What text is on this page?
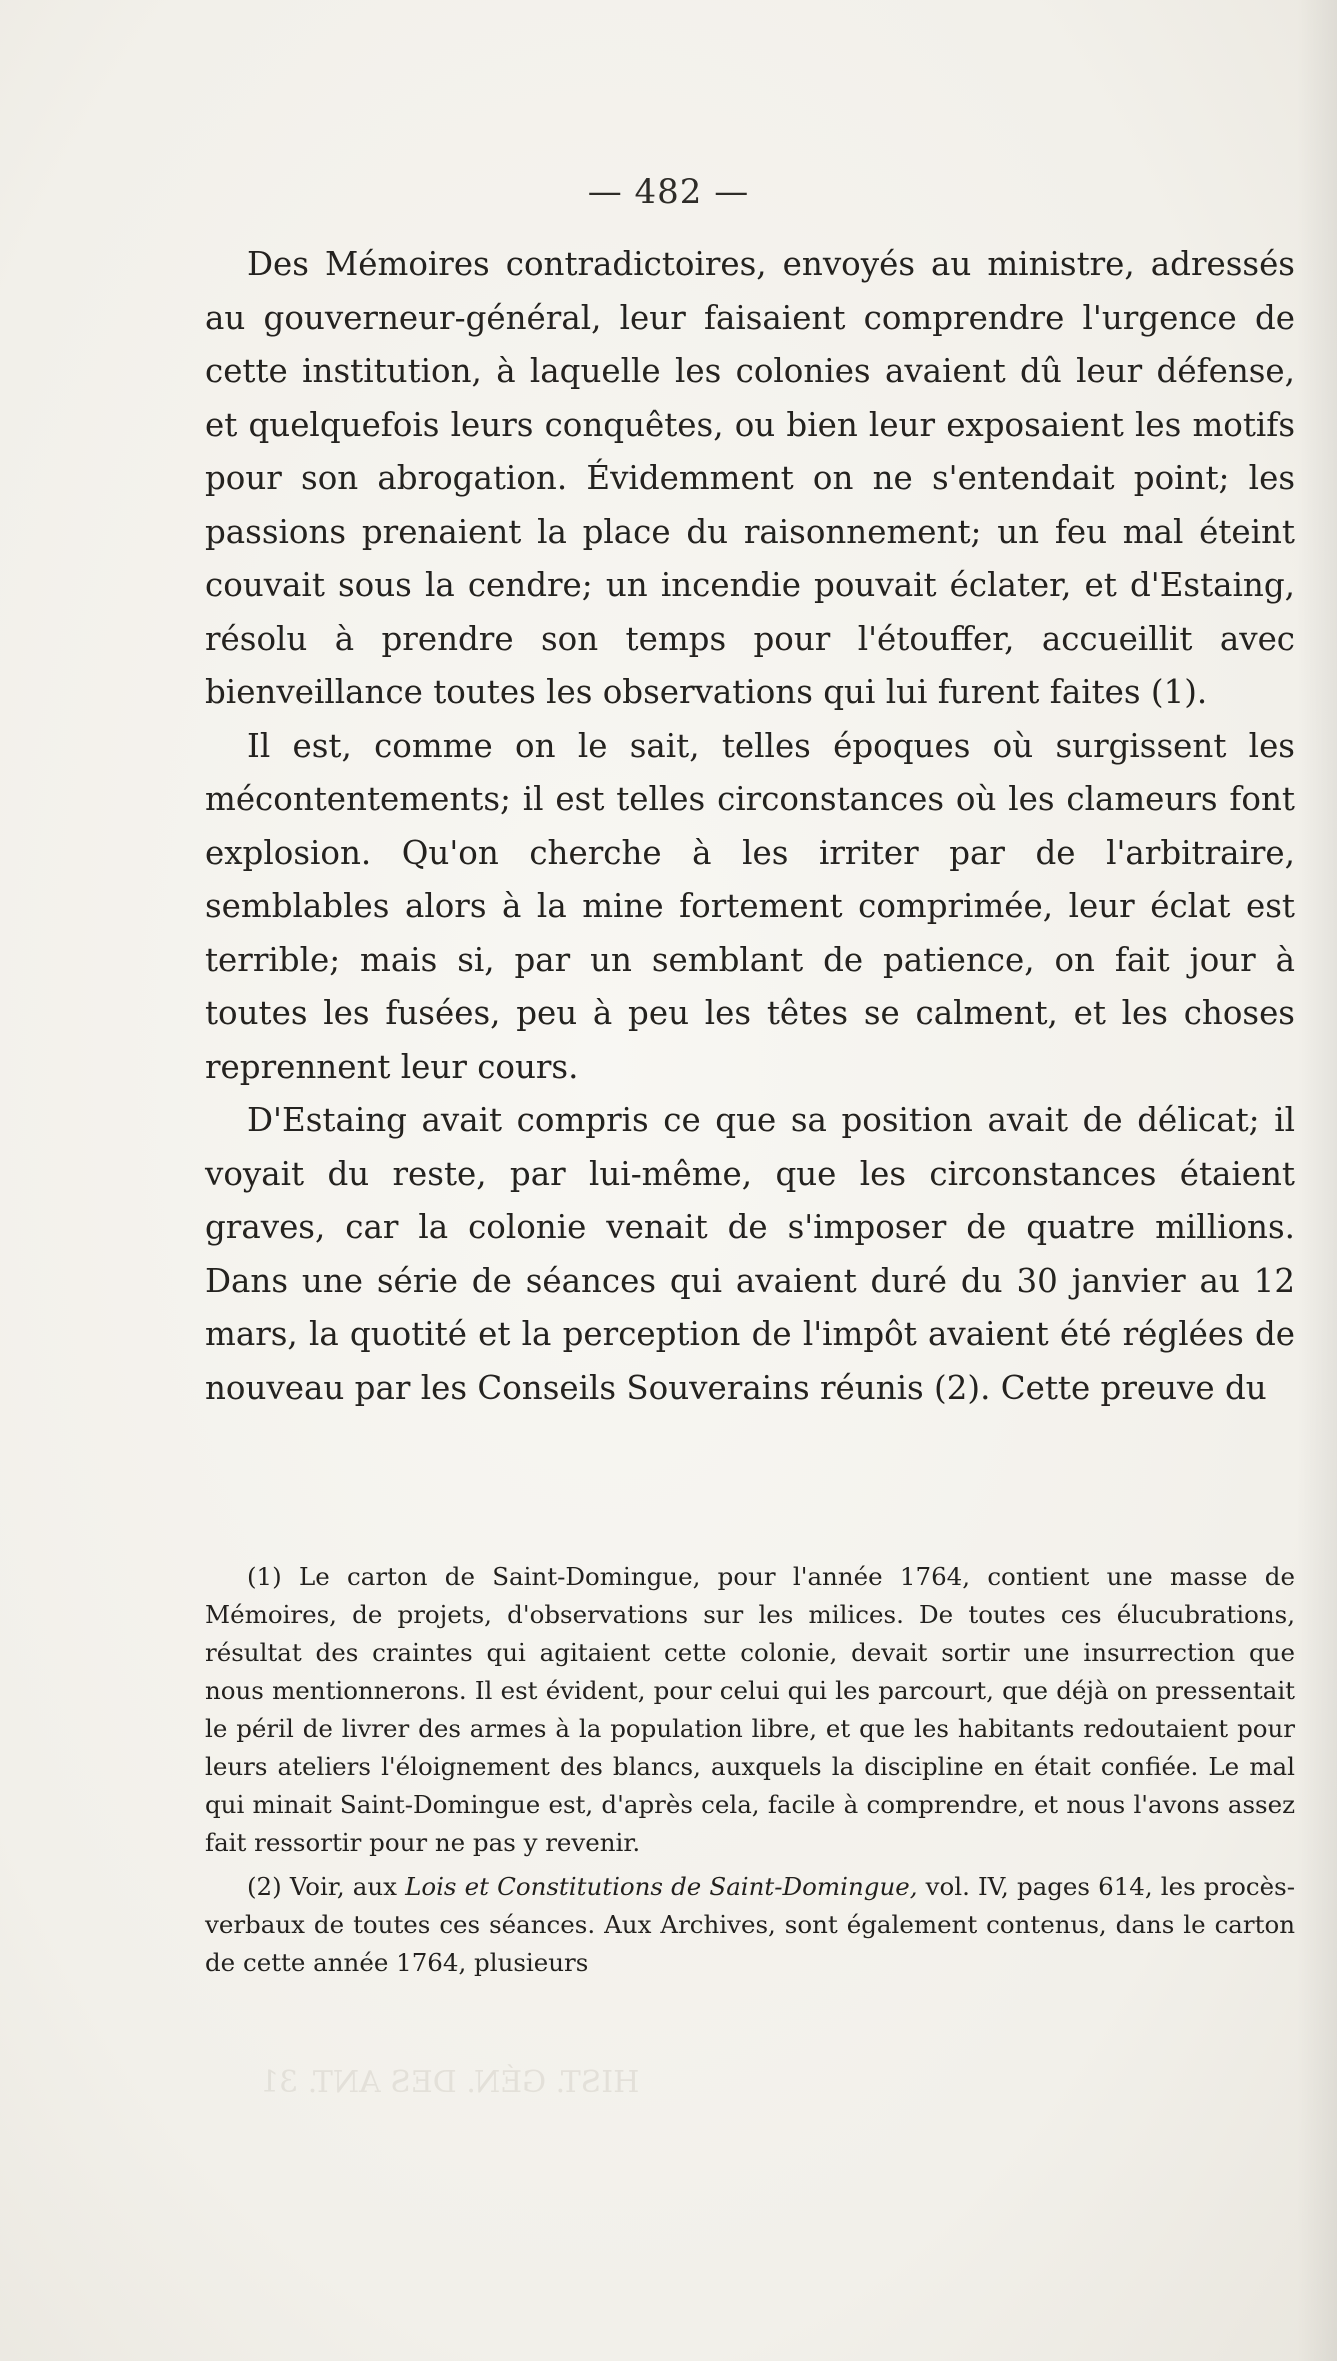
— 482 —

Des Mémoires contradictoires, envoyés au ministre, adressés au gouverneur-général, leur faisaient comprendre l'urgence de cette institution, à laquelle les colonies avaient dû leur défense, et quelquefois leurs conquêtes, ou bien leur exposaient les motifs pour son abrogation. Évidemment on ne s'entendait point; les passions prenaient la place du raisonnement; un feu mal éteint couvait sous la cendre; un incendie pouvait éclater, et d'Estaing, résolu à prendre son temps pour l'étouffer, accueillit avec bienveillance toutes les observations qui lui furent faites (1).

Il est, comme on le sait, telles époques où surgissent les mécontentements; il est telles circonstances où les clameurs font explosion. Qu'on cherche à les irriter par de l'arbitraire, semblables alors à la mine fortement comprimée, leur éclat est terrible; mais si, par un semblant de patience, on fait jour à toutes les fusées, peu à peu les têtes se calment, et les choses reprennent leur cours.

D'Estaing avait compris ce que sa position avait de délicat; il voyait du reste, par lui-même, que les circonstances étaient graves, car la colonie venait de s'imposer de quatre millions. Dans une série de séances qui avaient duré du 30 janvier au 12 mars, la quotité et la perception de l'impôt avaient été réglées de nouveau par les Conseils Souverains réunis (2). Cette preuve du

(1) Le carton de Saint-Domingue, pour l'année 1764, contient une masse de Mémoires, de projets, d'observations sur les milices. De toutes ces élucubrations, résultat des craintes qui agitaient cette colonie, devait sortir une insurrection que nous mentionnerons. Il est évident, pour celui qui les parcourt, que déjà on pressentait le péril de livrer des armes à la population libre, et que les habitants redoutaient pour leurs ateliers l'éloignement des blancs, auxquels la discipline en était confiée. Le mal qui minait Saint-Domingue est, d'après cela, facile à comprendre, et nous l'avons assez fait ressortir pour ne pas y revenir.

(2) Voir, aux Lois et Constitutions de Saint-Domingue, vol. IV, pages 614, les procès-verbaux de toutes ces séances. Aux Archives, sont également contenus, dans le carton de cette année 1764, plusieurs

HIST. GÉN. DES ANT. 31
